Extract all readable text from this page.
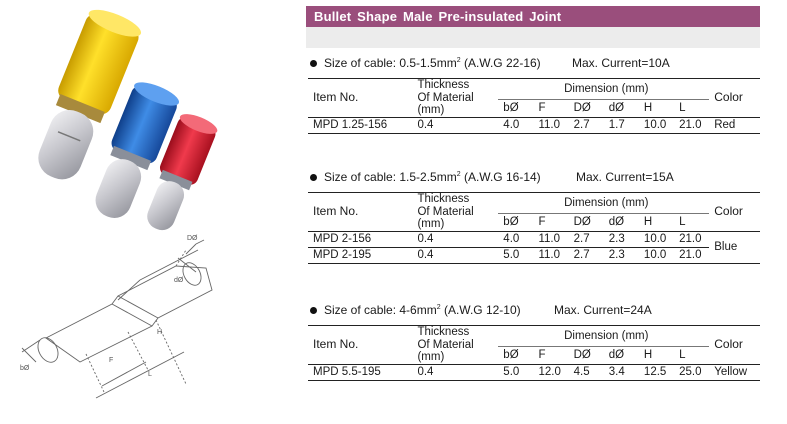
DØ
dØ
H
F
L
bØ
Bullet Shape Male Pre-insulated Joint
Size of cable: $0.5-1.5mm^2$ (A.W.G 22-16)	Max. Current=10A
Item No.	Thickness
Of Material
(mm)	Dimension (mm)						Color
		bØ	F	DØ	dØ	H	L	
MPD 1.25-156	0.4	4.0	11.0	2.7	1.7	10.0	21.0	Red
Size of cable: $1.5-2.5mm^2$ (A.W.G 16-14)	Max. Current=15A
Item No.	Thickness
Of Material
(mm)	Dimension (mm)						Color
		bØ	F	DØ	dØ	H	L	
MPD 2-156	0.4	4.0	11.0	2.7	2.3	10.0	21.0	Blue
MPD 2-195	0.4	5.0	11.0	2.7	2.3	10.0	21.0	
Size of cable: $4-6mm^2$ (A.W.G 12-10)	Max. Current=24A
Item No.	Thickness
Of Material
(mm)	Dimension (mm)						Color
		bØ	F	DØ	dØ	H	L	
MPD 5.5-195	0.4	5.0	12.0	4.5	3.4	12.5	25.0	Yellow
